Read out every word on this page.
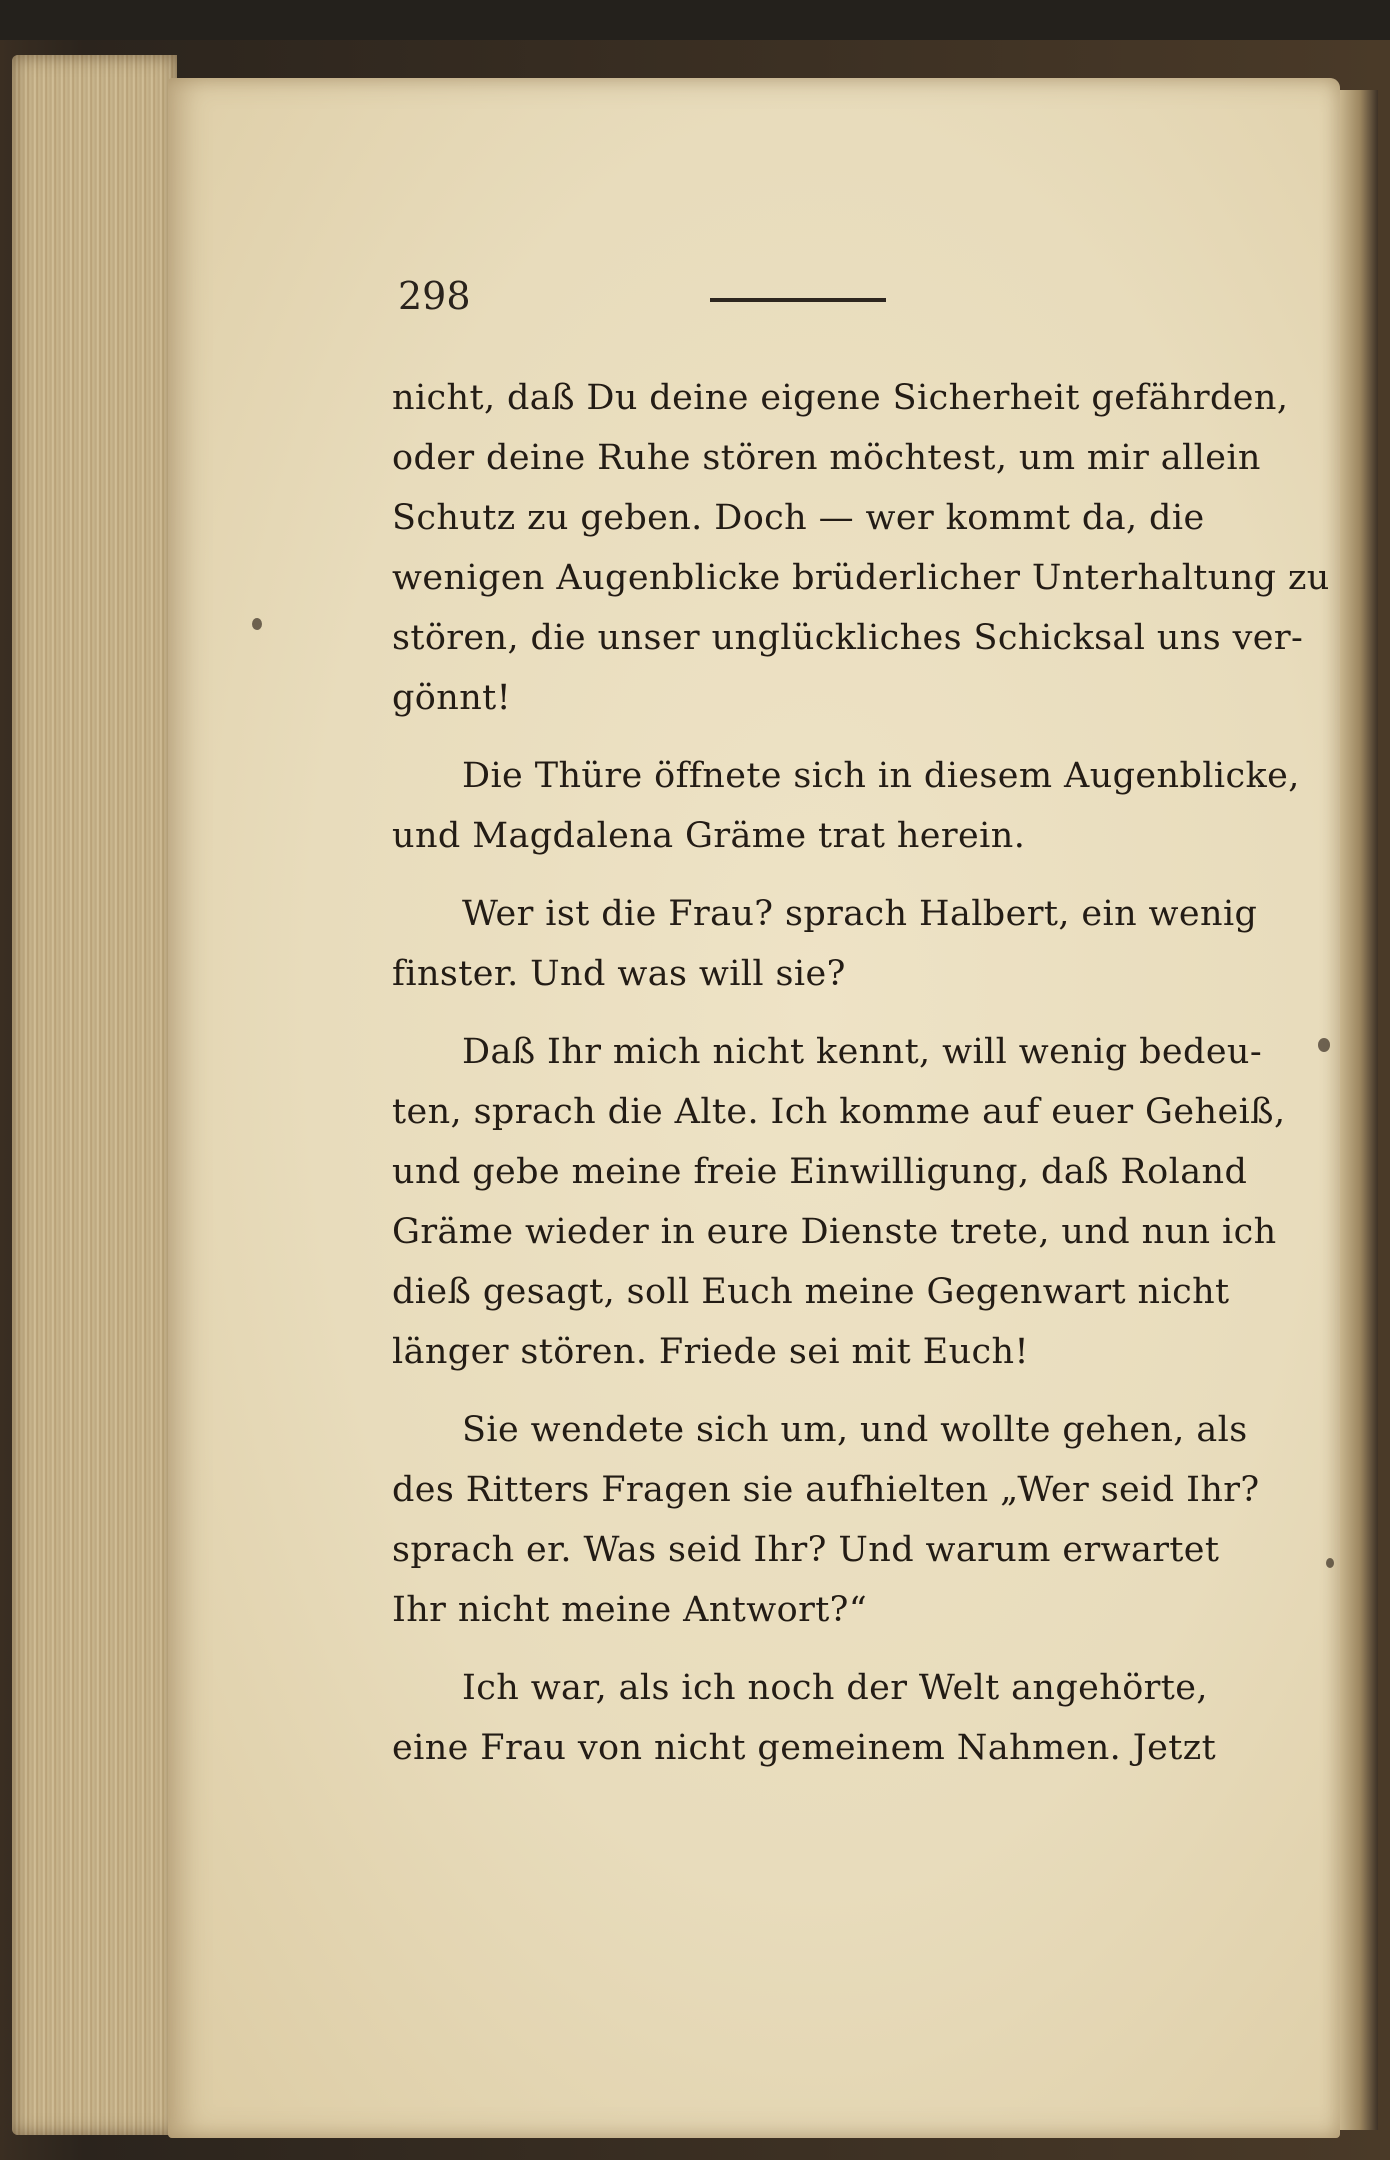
298
nicht, daß Du deine eigene Sicherheit gefährden,
oder deine Ruhe stören möchtest, um mir allein
Schutz zu geben. Doch — wer kommt da, die
wenigen Augenblicke brüderlicher Unterhaltung zu
stören, die unser unglückliches Schicksal uns ver-
gönnt!
Die Thüre öffnete sich in diesem Augenblicke,
und Magdalena Gräme trat herein.
Wer ist die Frau? sprach Halbert, ein wenig
finster. Und was will sie?
Daß Ihr mich nicht kennt, will wenig bedeu-
ten, sprach die Alte. Ich komme auf euer Geheiß,
und gebe meine freie Einwilligung, daß Roland
Gräme wieder in eure Dienste trete, und nun ich
dieß gesagt, soll Euch meine Gegenwart nicht
länger stören. Friede sei mit Euch!
Sie wendete sich um, und wollte gehen, als
des Ritters Fragen sie aufhielten „Wer seid Ihr?
sprach er. Was seid Ihr? Und warum erwartet
Ihr nicht meine Antwort?“
Ich war, als ich noch der Welt angehörte,
eine Frau von nicht gemeinem Nahmen. Jetzt
